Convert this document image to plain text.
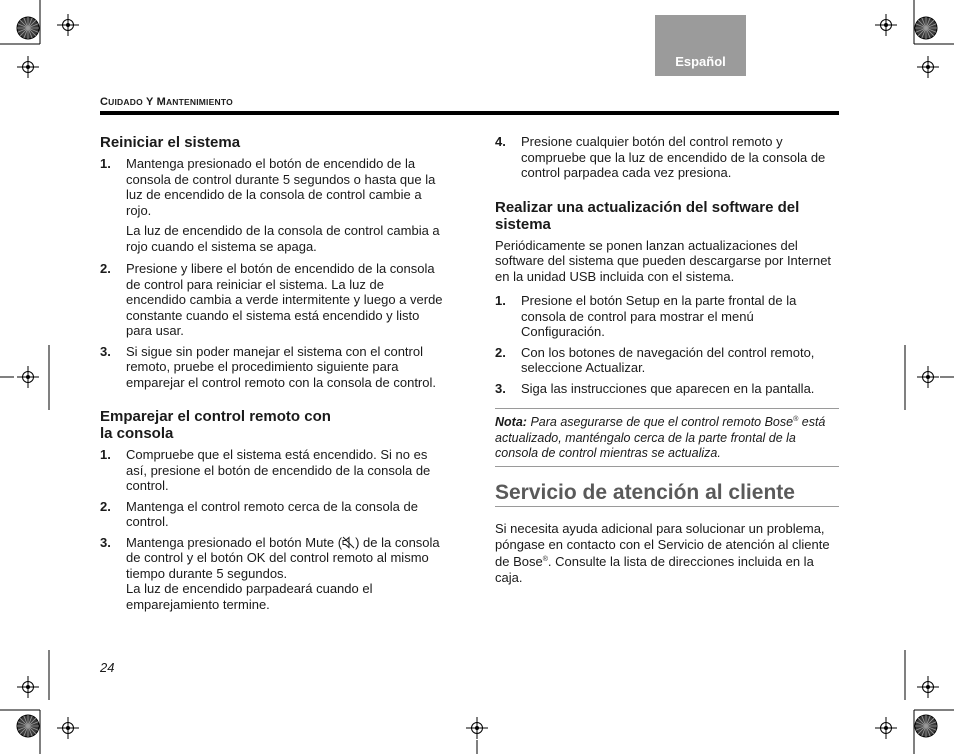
Español
CUIDADO Y MANTENIMIENTO
Reiniciar el sistema
1.	Mantenga presionado el botón de encendido de la consola de control durante 5 segundos o hasta que la luz de encendido de la consola de control cambie a rojo.
La luz de encendido de la consola de control cambia a rojo cuando el sistema se apaga.
2.	Presione y libere el botón de encendido de la consola de control para reiniciar el sistema. La luz de encendido cambia a verde intermitente y luego a verde constante cuando el sistema está encendido y listo para usar.
3.	Si sigue sin poder manejar el sistema con el control remoto, pruebe el procedimiento siguiente para emparejar el control remoto con la consola de control.
Emparejar el control remoto con
la consola
1.	Compruebe que el sistema está encendido. Si no es así, presione el botón de encendido de la consola de control.
2.	Mantenga el control remoto cerca de la consola de control.
3.	Mantenga presionado el botón Mute ( ) de la consola de control y el botón OK del control remoto al mismo tiempo durante 5 segundos.
La luz de encendido parpadeará cuando el emparejamiento termine.
4.	Presione cualquier botón del control remoto y compruebe que la luz de encendido de la consola de control parpadea cada vez presiona.
Realizar una actualización del software del sistema
Periódicamente se ponen lanzan actualizaciones del software del sistema que pueden descargarse por Internet en la unidad USB incluida con el sistema.
1.	Presione el botón Setup en la parte frontal de la consola de control para mostrar el menú Configuración.
2.	Con los botones de navegación del control remoto, seleccione Actualizar.
3.	Siga las instrucciones que aparecen en la pantalla.
Nota: Para asegurarse de que el control remoto Bose® está actualizado, manténgalo cerca de la parte frontal de la consola de control mientras se actualiza.
Servicio de atención al cliente
Si necesita ayuda adicional para solucionar un problema, póngase en contacto con el Servicio de atención al cliente de Bose®. Consulte la lista de direcciones incluida en la caja.
24
